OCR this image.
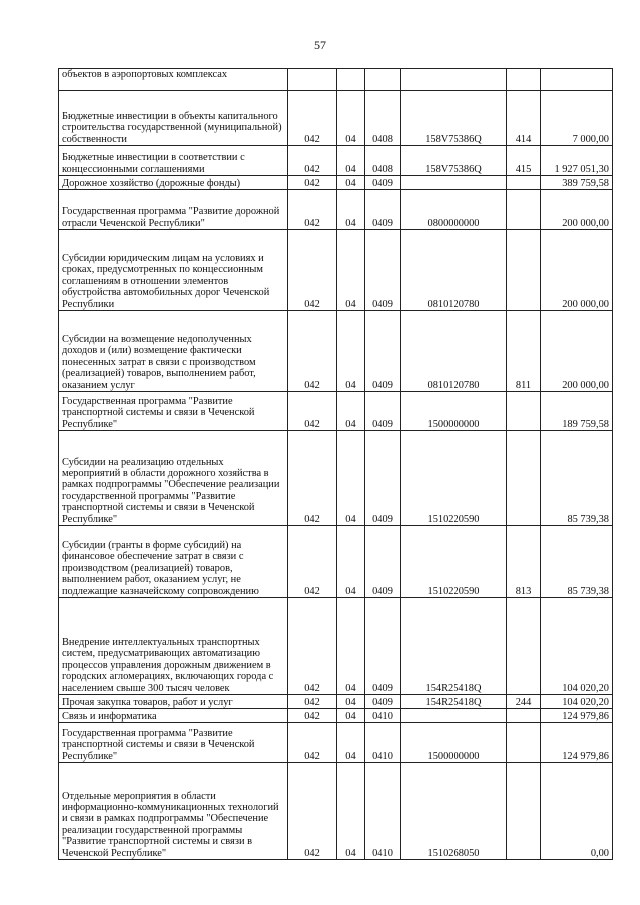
57
объектов в аэропортовых комплексах						
Бюджетные инвестиции в объекты капитального строительства государственной (муниципальной) собственности	042	04	0408	158V75386Q	414	7 000,00
Бюджетные инвестиции в соответствии с концессионными соглашениями	042	04	0408	158V75386Q	415	1 927 051,30
Дорожное хозяйство (дорожные фонды)	042	04	0409			389 759,58
Государственная программа "Развитие дорожной отрасли Чеченской Республики"	042	04	0409	0800000000		200 000,00
Субсидии юридическим лицам на условиях и сроках, предусмотренных по концессионным соглашениям в отношении элементов обустройства автомобильных дорог Чеченской Республики	042	04	0409	0810120780		200 000,00
Субсидии на возмещение недополученных доходов и (или) возмещение фактически понесенных затрат в связи с производством (реализацией) товаров, выполнением работ, оказанием услуг	042	04	0409	0810120780	811	200 000,00
Государственная программа "Развитие транспортной системы и связи в Чеченской Республике"	042	04	0409	1500000000		189 759,58
Субсидии на реализацию отдельных мероприятий в области дорожного хозяйства в рамках подпрограммы "Обеспечение реализации государственной программы "Развитие транспортной системы и связи в Чеченской Республике"	042	04	0409	1510220590		85 739,38
Субсидии (гранты в форме субсидий) на финансовое обеспечение затрат в связи с производством (реализацией) товаров, выполнением работ, оказанием услуг, не подлежащие казначейскому сопровождению	042	04	0409	1510220590	813	85 739,38
Внедрение интеллектуальных транспортных систем, предусматривающих автоматизацию процессов управления дорожным движением в городских агломерациях, включающих города с населением свыше 300 тысяч человек	042	04	0409	154R25418Q		104 020,20
Прочая закупка товаров, работ и услуг	042	04	0409	154R25418Q	244	104 020,20
Связь и информатика	042	04	0410			124 979,86
Государственная программа "Развитие транспортной системы и связи в Чеченской Республике"	042	04	0410	1500000000		124 979,86
Отдельные мероприятия в области информационно-коммуникационных технологий и связи в рамках подпрограммы "Обеспечение реализации государственной программы "Развитие транспортной системы и связи в Чеченской Республике"	042	04	0410	1510268050		0,00
